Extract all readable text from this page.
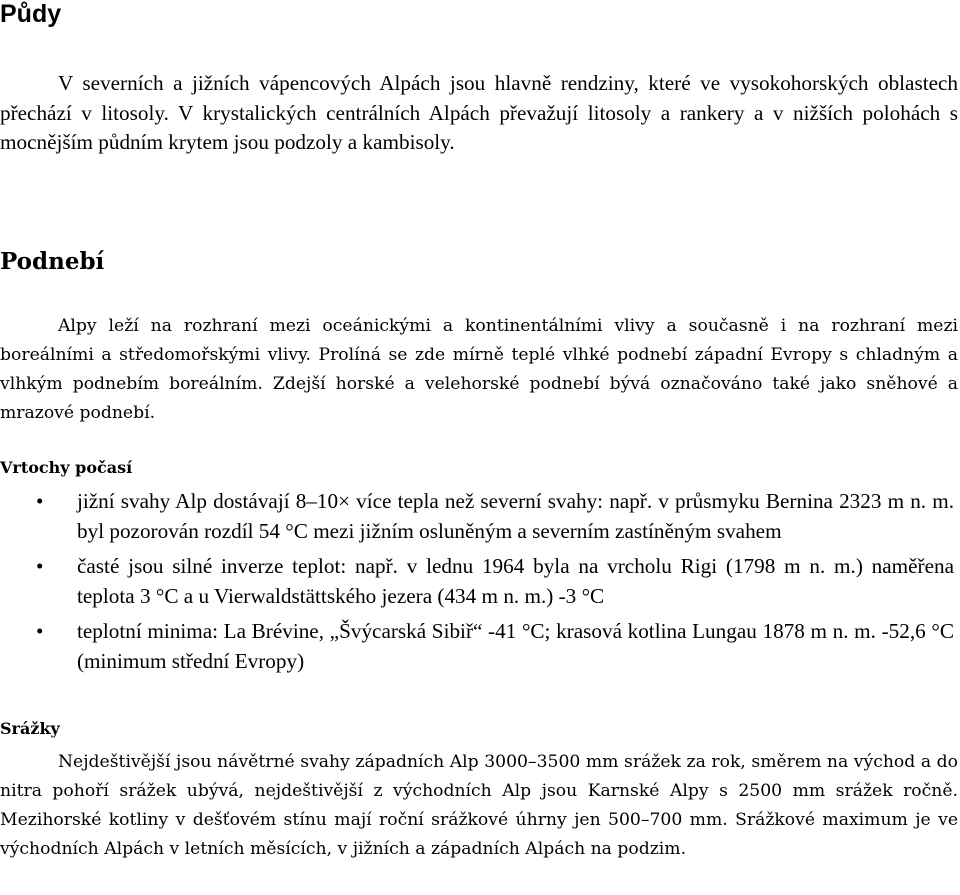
Půdy

V severních a jižních vápencových Alpách jsou hlavně rendziny, které ve vysokohorských oblastech přechází v litosoly. V krystalických centrálních Alpách převažují litosoly a rankery a v nižších polohách s mocnějším půdním krytem jsou podzoly a kambisoly.

Podnebí

Alpy leží na rozhraní mezi oceánickými a kontinentálními vlivy a současně i na rozhraní mezi boreálními a středomořskými vlivy. Prolíná se zde mírně teplé vlhké podnebí západní Evropy s chladným a vlhkým podnebím boreálním. Zdejší horské a velehorské podnebí bývá označováno také jako sněhové a mrazové podnebí.

Vrtochy počasí
• jižní svahy Alp dostávají 8–10× více tepla než severní svahy: např. v průsmyku Bernina 2323 m n. m. byl pozorován rozdíl 54 °C mezi jižním osluněným a severním zastíněným svahem
• časté jsou silné inverze teplot: např. v lednu 1964 byla na vrcholu Rigi (1798 m n. m.) naměřena teplota 3 °C a u Vierwaldstättského jezera (434 m n. m.) -3 °C
• teplotní minima: La Brévine, „Švýcarská Sibiř“ -41 °C; krasová kotlina Lungau 1878 m n. m. -52,6 °C (minimum střední Evropy)
Srážky

Nejdeštivější jsou návětrné svahy západních Alp 3000–3500 mm srážek za rok, směrem na východ a do nitra pohoří srážek ubývá, nejdeštivější z východních Alp jsou Karnské Alpy s 2500 mm srážek ročně. Mezihorské kotliny v dešťovém stínu mají roční srážkové úhrny jen 500–700 mm. Srážkové maximum je ve východních Alpách v letních měsících, v jižních a západních Alpách na podzim.
